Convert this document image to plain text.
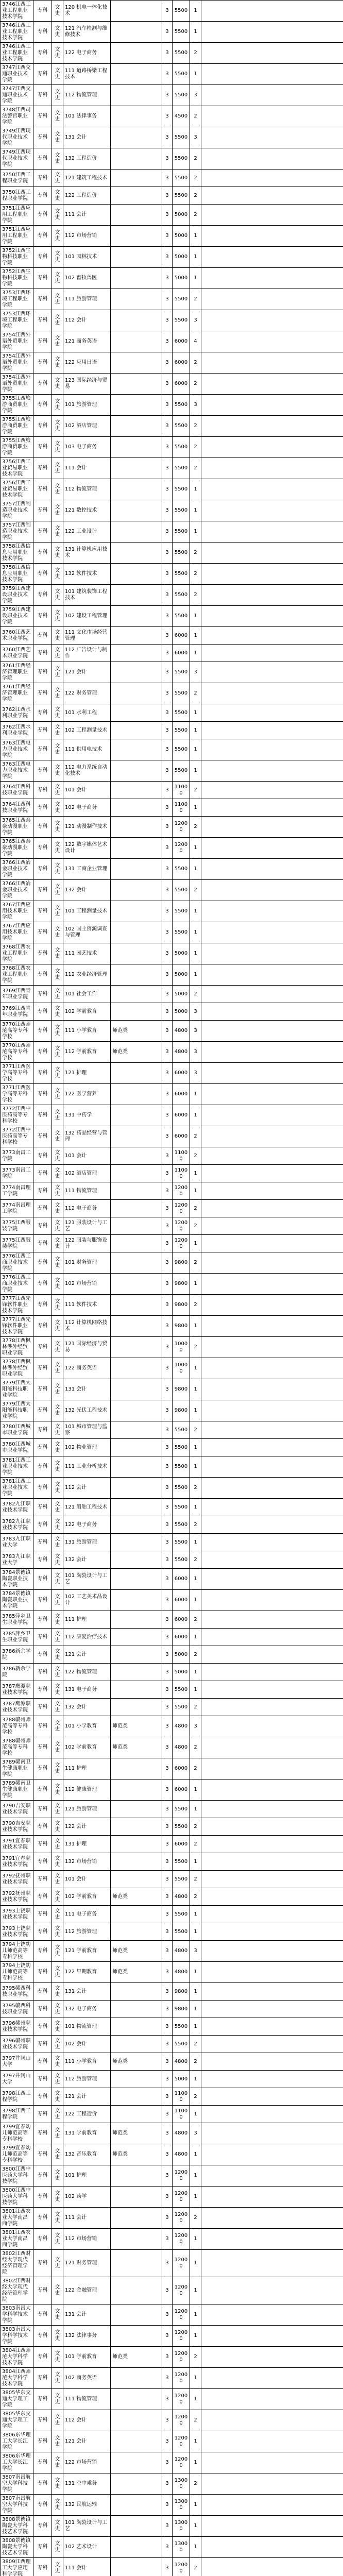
3746江西工业工程职业技术学院	专科	文史	120 机电一体化技术		3	5500	1	
3746江西工业工程职业技术学院	专科	文史	121 汽车检测与维修技术		3	5500	1	
3746江西工业工程职业技术学院	专科	文史	122 电子商务		3	5500	2	
3747江西交通职业技术学院	专科	文史	111 道路桥梁工程技术		3	5500	1	
3747江西交通职业技术学院	专科	文史	112 物流管理		3	5500	3	
3748江西司法警官职业学院	专科	文史	101 法律事务		3	4500	2	
3749江西现代职业技术学院	专科	文史	131 会计		3	5500	3	
3749江西现代职业技术学院	专科	文史	132 工程造价		3	5500	2	
3750江西工程职业学院	专科	文史	121 建筑工程技术		3	5500	2	
3750江西工程职业学院	专科	文史	122 工程造价		3	5500	2	
3751江西应用工程职业学院	专科	文史	111 会计		3	5000	2	
3751江西应用工程职业学院	专科	文史	112 市场营销		3	5000	1	
3752江西生物科技职业学院	专科	文史	101 园林技术		3	5000	1	
3752江西生物科技职业学院	专科	文史	102 畜牧兽医		3	5000	1	
3753江西环境工程职业学院	专科	文史	111 旅游管理		3	5500	2	
3753江西环境工程职业学院	专科	文史	112 会计		3	5500	3	
3754江西外语外贸职业学院	专科	文史	121 商务英语		3	6000	4	
3754江西外语外贸职业学院	专科	文史	122 应用日语		3	6000	2	
3754江西外语外贸职业学院	专科	文史	123 国际经济与贸易		3	6000	2	
3755江西旅游商贸职业学院	专科	文史	101 旅游管理		3	5500	3	
3755江西旅游商贸职业学院	专科	文史	102 酒店管理		3	5500	2	
3755江西旅游商贸职业学院	专科	文史	103 电子商务		3	5500	2	
3756江西工业贸易职业技术学院	专科	文史	111 会计		3	5500	2	
3756江西工业贸易职业技术学院	专科	文史	112 物流管理		3	5500	1	
3757江西制造职业技术学院	专科	文史	121 数控技术		3	5500	1	
3757江西制造职业技术学院	专科	文史	122 工业设计		3	5500	1	
3758江西信息应用职业技术学院	专科	文史	131 计算机应用技术		3	5500	2	
3758江西信息应用职业技术学院	专科	文史	132 软件技术		3	5500	2	
3759江西建设职业技术学院	专科	文史	101 建筑装饰工程技术		3	5500	2	
3759江西建设职业技术学院	专科	文史	102 建设工程管理		3	5500	1	
3760江西艺术职业学院	专科	文史	111 文化市场经营管理		3	6000	1	
3760江西艺术职业学院	专科	文史	112 广告设计与制作		3	6000	1	
3761江西经济管理职业学院	专科	文史	121 会计		3	5500	3	
3761江西经济管理职业学院	专科	文史	122 财务管理		3	5500	2	
3762江西水利职业学院	专科	文史	101 水利工程		3	5500	1	
3762江西水利职业学院	专科	文史	102 工程测量技术		3	5500	1	
3763江西电力职业技术学院	专科	文史	111 供用电技术		3	5500	1	
3763江西电力职业技术学院	专科	文史	112 电力系统自动化技术		3	5500	1	
3764江西科技职业学院	专科	文史	101 会计		3	11000	2	
3764江西科技职业学院	专科	文史	102 电子商务		3	11000	1	
3765江西泰豪动漫职业学院	专科	文史	121 动漫制作技术		3	12000	2	
3765江西泰豪动漫职业学院	专科	文史	122 数字媒体艺术设计		3	12000	1	
3766江西冶金职业技术学院	专科	文史	131 工商企业管理		3	5500	1	
3766江西冶金职业技术学院	专科	文史	132 会计		3	5500	2	
3767江西应用技术职业学院	专科	文史	101 工程测量技术		3	5500	1	
3767江西应用技术职业学院	专科	文史	102 国土资源调查与管理		3	5500	1	
3768江西农业工程职业学院	专科	文史	111 园艺技术		3	5000	1	
3768江西农业工程职业学院	专科	文史	112 农业经济管理		3	5000	1	
3769江西青年职业学院	专科	文史	101 社会工作		3	5000	2	
3769江西青年职业学院	专科	文史	102 学前教育		3	5000	3	
3770江西师范高等专科学校	专科	文史	111 小学教育	师范类	3	4800	3	
3770江西师范高等专科学校	专科	文史	112 学前教育	师范类	3	4800	3	
3771江西医学高等专科学校	专科	文史	121 护理		3	6000	3	
3771江西医学高等专科学校	专科	文史	122 医学营养		3	6000	1	
3772江西中医药高等专科学校	专科	文史	131 中药学		3	6000	1	
3772江西中医药高等专科学校	专科	文史	132 药品经营与管理		3	6000	2	
3773南昌工学院	专科	文史	101 会计		3	11000	2	
3773南昌工学院	专科	文史	102 酒店管理		3	11000	1	
3774南昌理工学院	专科	文史	111 物流管理		3	12000	1	
3774南昌理工学院	专科	文史	112 电子商务		3	12000	2	
3775江西服装学院	专科	文史	121 服装设计与工艺		3	12000	2	
3775江西服装学院	专科	文史	122 服装与服饰设计		3	12000	1	
3776江西工商职业技术学院	专科	文史	101 财务管理		3	9800	2	
3776江西工商职业技术学院	专科	文史	102 市场营销		3	9800	1	
3777江西先锋软件职业技术学院	专科	文史	111 软件技术		3	9800	2	
3777江西先锋软件职业技术学院	专科	文史	112 计算机网络技术		3	9800	1	
3778江西枫林涉外经贸职业学院	专科	文史	121 国际经济与贸易		3	10000	2	
3778江西枫林涉外经贸职业学院	专科	文史	122 商务英语		3	10000	1	
3779江西太阳能科技职业学院	专科	文史	131 会计		3	9800	1	
3779江西太阳能科技职业学院	专科	文史	132 光伏工程技术		3	9800	1	
3780江西城市职业学院	专科	文史	101 城市管理与监察		3	5500	2	
3780江西城市职业学院	专科	文史	102 物业管理		3	5500	1	
3781江西工业职业技术学院	专科	文史	111 工业分析技术		3	5500	1	
3781江西工业职业技术学院	专科	文史	112 会计		3	5500	2	
3782九江职业技术学院	专科	文史	121 船舶工程技术		3	5500	1	
3782九江职业技术学院	专科	文史	122 电子商务		3	5500	2	
3783九江职业大学	专科	文史	131 旅游管理		3	5500	1	
3783九江职业大学	专科	文史	132 会计		3	5500	2	
3784景德镇陶瓷职业技术学院	专科	文史	101 陶瓷设计与工艺		3	6000	1	
3784景德镇陶瓷职业技术学院	专科	文史	102 工艺美术品设计		3	6000	1	
3785萍乡卫生职业学院	专科	文史	111 护理		3	6000	2	
3785萍乡卫生职业学院	专科	文史	112 康复治疗技术		3	6000	1	
3786新余学院	专科	文史	121 会计		3	5000	2	
3786新余学院	专科	文史	122 物流管理		3	5000	1	
3787鹰潭职业技术学院	专科	文史	131 电子商务		3	5500	1	
3787鹰潭职业技术学院	专科	文史	132 会计		3	5500	2	
3788赣州师范高等专科学校	专科	文史	101 小学教育	师范类	3	4800	3	
3788赣州师范高等专科学校	专科	文史	102 学前教育	师范类	3	4800	2	
3789赣南卫生健康职业学院	专科	文史	111 护理		3	6000	2	
3789赣南卫生健康职业学院	专科	文史	112 健康管理		3	6000	1	
3790吉安职业技术学院	专科	文史	121 旅游管理		3	5500	1	
3790吉安职业技术学院	专科	文史	122 会计		3	5500	2	
3791宜春职业技术学院	专科	文史	131 护理		3	6000	2	
3791宜春职业技术学院	专科	文史	132 市场营销		3	5500	1	
3792抚州职业技术学院	专科	文史	101 会计		3	5500	2	
3792抚州职业技术学院	专科	文史	102 学前教育	师范类	3	4800	2	
3793上饶职业技术学院	专科	文史	111 电子商务		3	5500	1	
3793上饶职业技术学院	专科	文史	112 旅游管理		3	5500	1	
3794上饶幼儿师范高等专科学校	专科	文史	121 学前教育	师范类	3	4800	3	
3794上饶幼儿师范高等专科学校	专科	文史	122 早期教育	师范类	3	4800	1	
3795赣西科技职业学院	专科	文史	131 会计		3	9800	1	
3795赣西科技职业学院	专科	文史	132 电子商务		3	9800	1	
3796赣州职业技术学院	专科	文史	101 物流管理		3	5500	1	
3796赣州职业技术学院	专科	文史	102 会计		3	5500	2	
3797井冈山大学	专科	文史	111 小学教育	师范类	3	4800	2	
3797井冈山大学	专科	文史	112 旅游管理		3	5000	1	
3798江西工程学院	专科	文史	121 会计		3	11000	2	
3798江西工程学院	专科	文史	122 工程造价		3	11000	1	
3799宜春幼儿师范高等专科学校	专科	文史	131 学前教育	师范类	3	4800	3	
3799宜春幼儿师范高等专科学校	专科	文史	132 音乐教育	师范类	3	4800	1	
3800江西中医药大学科技学院	专科	文史	101 护理		3	12000	1	
3800江西中医药大学科技学院	专科	文史	102 药学		3	12000	1	
3801江西农业大学南昌商学院	专科	文史	111 会计		3	12000	2	
3801江西农业大学南昌商学院	专科	文史	112 市场营销		3	12000	1	
3802江西财经大学现代经济管理学院	专科	文史	121 财务管理		3	12000	1	
3802江西财经大学现代经济管理学院	专科	文史	122 金融管理		3	12000	1	
3803南昌大学科学技术学院	专科	文史	131 会计		3	12000	1	
3803南昌大学科学技术学院	专科	文史	132 法律事务		3	12000	1	
3804江西师范大学科学技术学院	专科	文史	101 学前教育	师范类	3	12000	2	
3804江西师范大学科学技术学院	专科	文史	102 商务英语		3	12000	1	
3805华东交通大学理工学院	专科	文史	111 物流管理		3	12000	1	
3805华东交通大学理工学院	专科	文史	112 会计		3	12000	2	
3806东华理工大学长江学院	专科	文史	121 会计		3	12000	1	
3806东华理工大学长江学院	专科	文史	122 市场营销		3	12000	1	
3807南昌航空大学科技学院	专科	文史	131 空中乘务		3	13000	2	
3807南昌航空大学科技学院	专科	文史	132 民航运输		3	13000	1	
3808景德镇陶瓷大学科技艺术学院	专科	文史	101 陶瓷设计与工艺		3	13000	1	
3808景德镇陶瓷大学科技艺术学院	专科	文史	102 艺术设计		3	13000	1	
3809江西理工大学应用科学学院	专科	文史	111 会计		3	12000	2	
